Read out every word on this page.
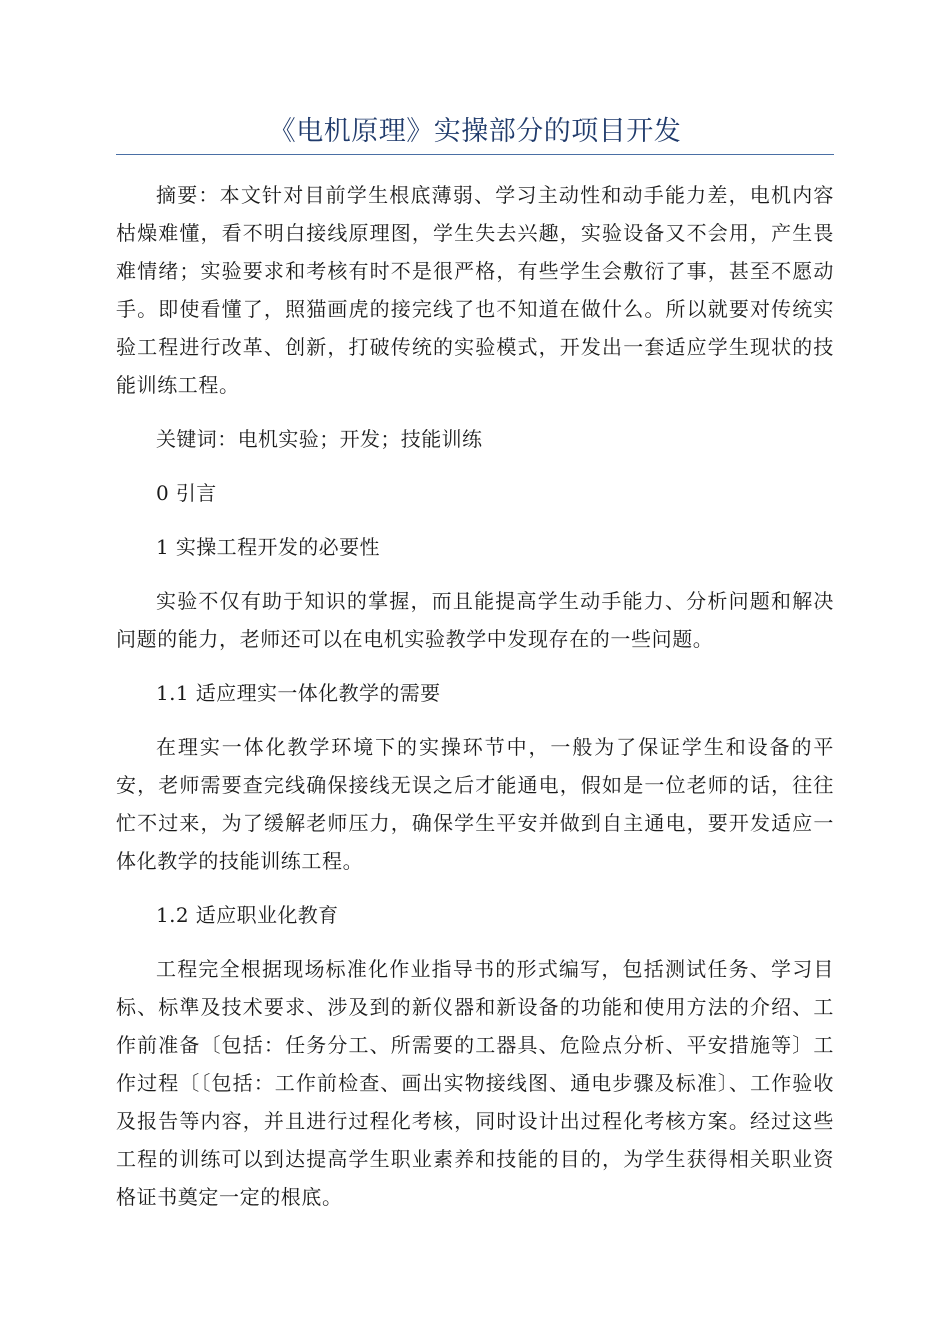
《电机原理》实操部分的项目开发

摘要：本文针对目前学生根底薄弱、学习主动性和动手能力差，电机内容枯燥难懂，看不明白接线原理图，学生失去兴趣，实验设备又不会用，产生畏难情绪；实验要求和考核有时不是很严格，有些学生会敷衍了事，甚至不愿动手。即使看懂了，照猫画虎的接完线了也不知道在做什么。所以就要对传统实验工程进行改革、创新，打破传统的实验模式，开发出一套适应学生现状的技能训练工程。

关键词：电机实验；开发；技能训练

0 引言

1 实操工程开发的必要性

实验不仅有助于知识的掌握，而且能提高学生动手能力、分析问题和解决问题的能力，老师还可以在电机实验教学中发现存在的一些问题。

1.1 适应理实一体化教学的需要

在理实一体化教学环境下的实操环节中，一般为了保证学生和设备的平安，老师需要查完线确保接线无误之后才能通电，假如是一位老师的话，往往忙不过来，为了缓解老师压力，确保学生平安并做到自主通电，要开发适应一体化教学的技能训练工程。

1.2 适应职业化教育

工程完全根据现场标准化作业指导书的形式编写，包括测试任务、学习目标、标準及技术要求、涉及到的新仪器和新设备的功能和使用方法的介绍、工作前准备〔包括：任务分工、所需要的工器具、危险点分析、平安措施等〕工作过程〔〔包括：工作前检查、画出实物接线图、通电步骤及标准〕、工作验收及报告等内容，并且进行过程化考核，同时设计出过程化考核方案。经过这些工程的训练可以到达提高学生职业素养和技能的目的，为学生获得相关职业资格证书奠定一定的根底。
